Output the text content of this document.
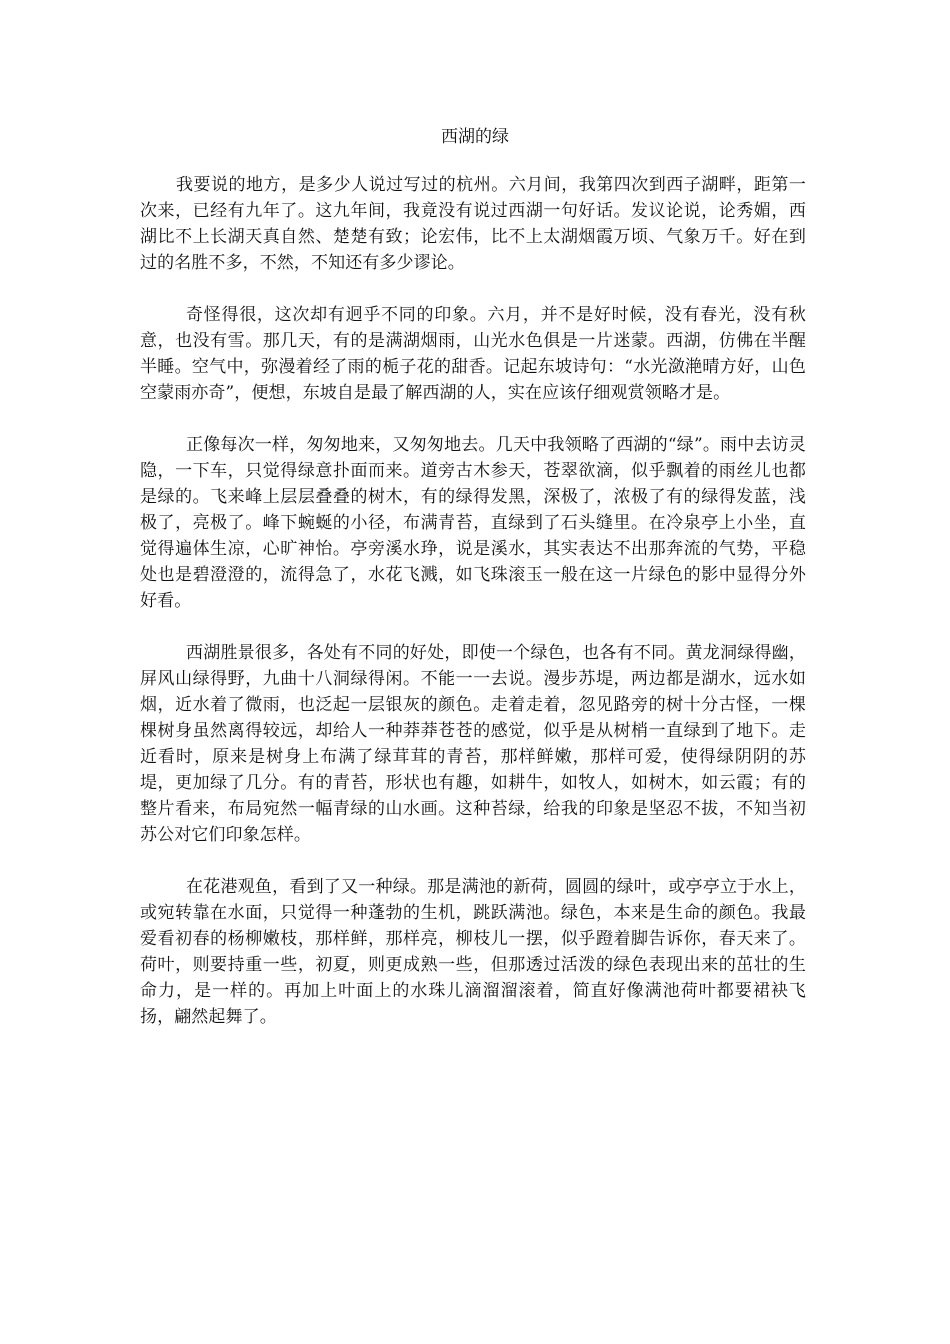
西湖的绿

我要说的地方，是多少人说过写过的杭州。六月间，我第四次到西子湖畔，距第一次来，已经有九年了。这九年间，我竟没有说过西湖一句好话。发议论说，论秀媚，西湖比不上长湖天真自然、楚楚有致；论宏伟，比不上太湖烟霞万顷、气象万千。好在到过的名胜不多，不然，不知还有多少谬论。

奇怪得很，这次却有迥乎不同的印象。六月，并不是好时候，没有春光，没有秋意，也没有雪。那几天，有的是满湖烟雨，山光水色俱是一片迷蒙。西湖，仿佛在半醒半睡。空气中，弥漫着经了雨的栀子花的甜香。记起东坡诗句：“水光潋滟晴方好，山色空蒙雨亦奇”，便想，东坡自是最了解西湖的人，实在应该仔细观赏领略才是。

正像每次一样，匆匆地来，又匆匆地去。几天中我领略了西湖的“绿”。雨中去访灵隐，一下车，只觉得绿意扑面而来。道旁古木参天，苍翠欲滴，似乎飘着的雨丝儿也都是绿的。飞来峰上层层叠叠的树木，有的绿得发黑，深极了，浓极了有的绿得发蓝，浅极了，亮极了。峰下蜿蜒的小径，布满青苔，直绿到了石头缝里。在冷泉亭上小坐，直觉得遍体生凉，心旷神怡。亭旁溪水琤，说是溪水，其实表达不出那奔流的气势，平稳处也是碧澄澄的，流得急了，水花飞溅，如飞珠滚玉一般在这一片绿色的影中显得分外好看。

西湖胜景很多，各处有不同的好处，即使一个绿色，也各有不同。黄龙洞绿得幽，屏风山绿得野，九曲十八洞绿得闲。不能一一去说。漫步苏堤，两边都是湖水，远水如烟，近水着了微雨，也泛起一层银灰的颜色。走着走着，忽见路旁的树十分古怪，一棵棵树身虽然离得较远，却给人一种莽莽苍苍的感觉，似乎是从树梢一直绿到了地下。走近看时，原来是树身上布满了绿茸茸的青苔，那样鲜嫩，那样可爱，使得绿阴阴的苏堤，更加绿了几分。有的青苔，形状也有趣，如耕牛，如牧人，如树木，如云霞；有的整片看来，布局宛然一幅青绿的山水画。这种苔绿，给我的印象是坚忍不拔，不知当初苏公对它们印象怎样。

在花港观鱼，看到了又一种绿。那是满池的新荷，圆圆的绿叶，或亭亭立于水上，或宛转靠在水面，只觉得一种蓬勃的生机，跳跃满池。绿色，本来是生命的颜色。我最爱看初春的杨柳嫩枝，那样鲜，那样亮，柳枝儿一摆，似乎蹬着脚告诉你，春天来了。荷叶，则要持重一些，初夏，则更成熟一些，但那透过活泼的绿色表现出来的茁壮的生命力，是一样的。再加上叶面上的水珠儿滴溜溜滚着，简直好像满池荷叶都要裙袂飞扬，翩然起舞了。
